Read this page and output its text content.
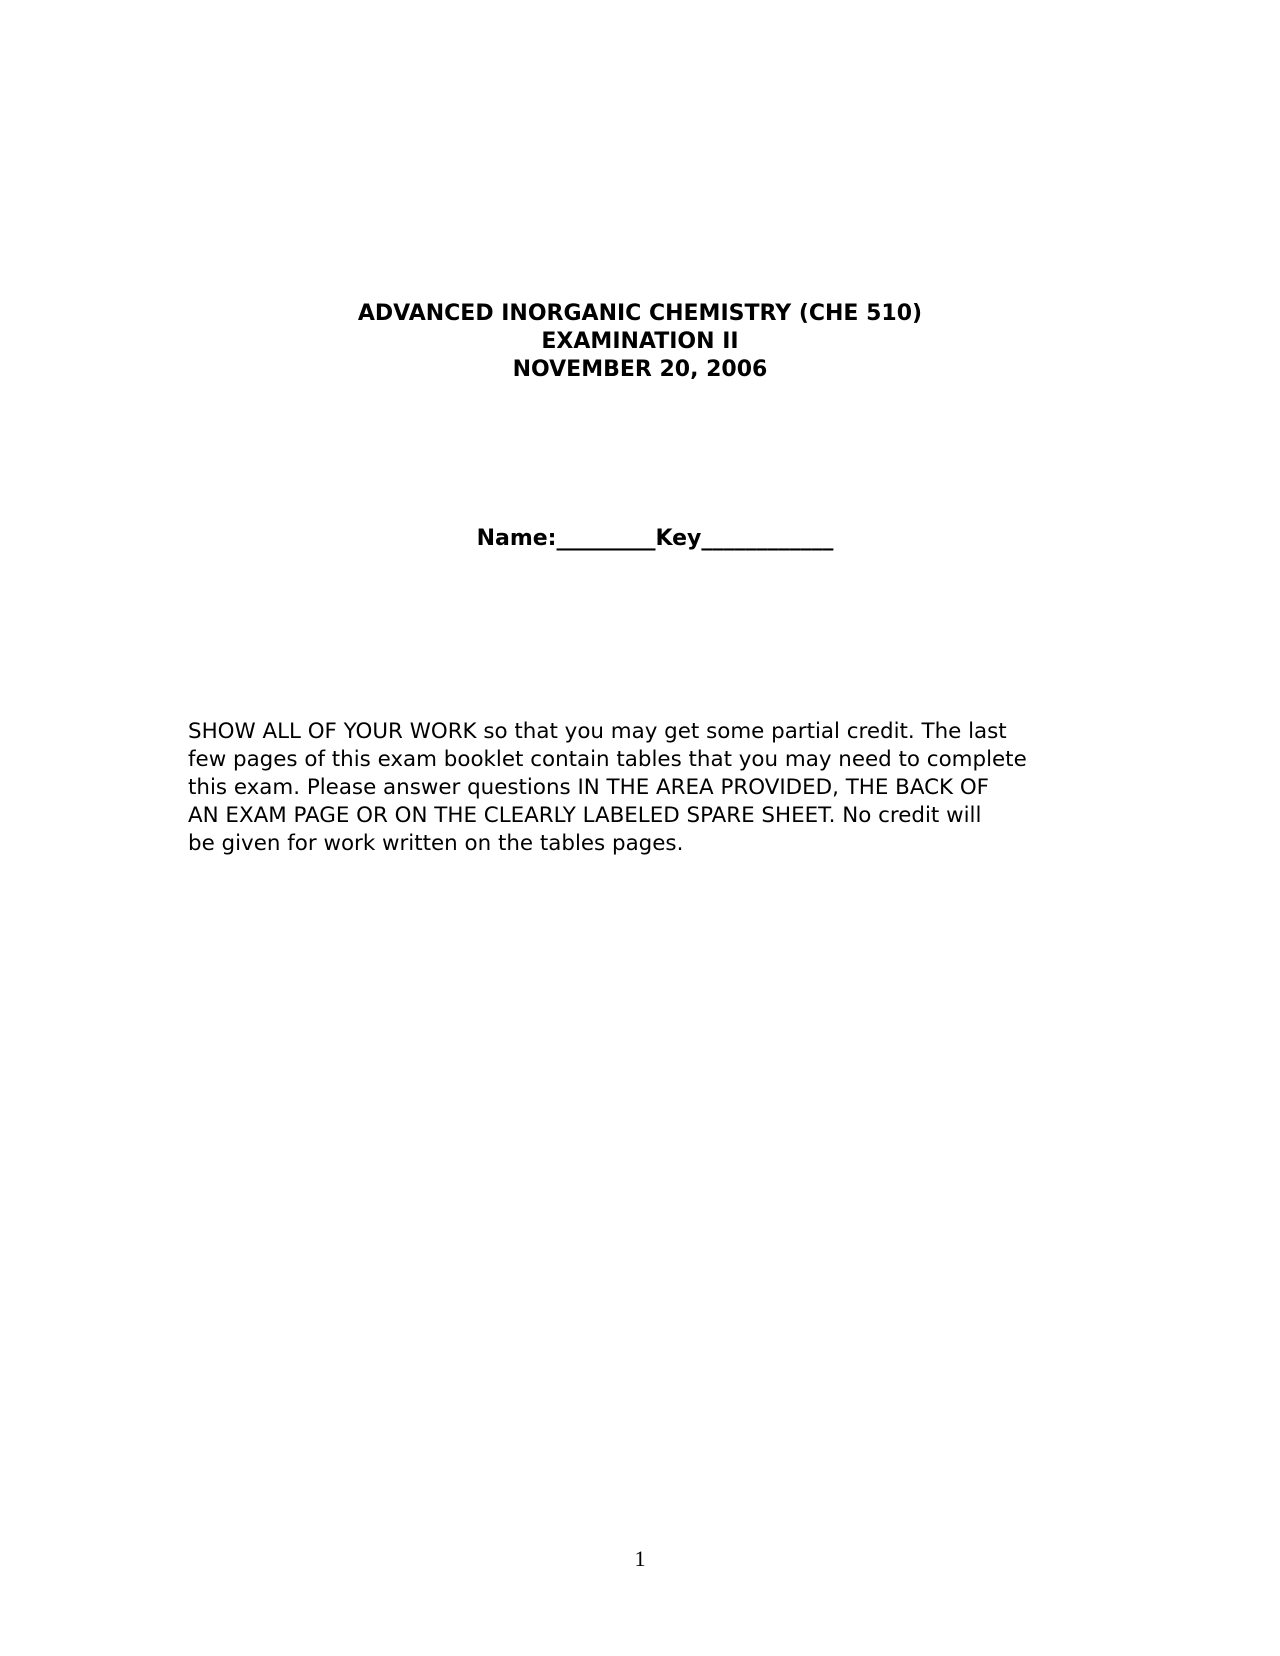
ADVANCED INORGANIC CHEMISTRY (CHE 510)
EXAMINATION II
NOVEMBER 20, 2006
Name:_________Key____________
SHOW ALL OF YOUR WORK so that you may get some partial credit. The last
few pages of this exam booklet contain tables that you may need to complete
this exam. Please answer questions IN THE AREA PROVIDED, THE BACK OF
AN EXAM PAGE OR ON THE CLEARLY LABELED SPARE SHEET. No credit will
be given for work written on the tables pages.
1
